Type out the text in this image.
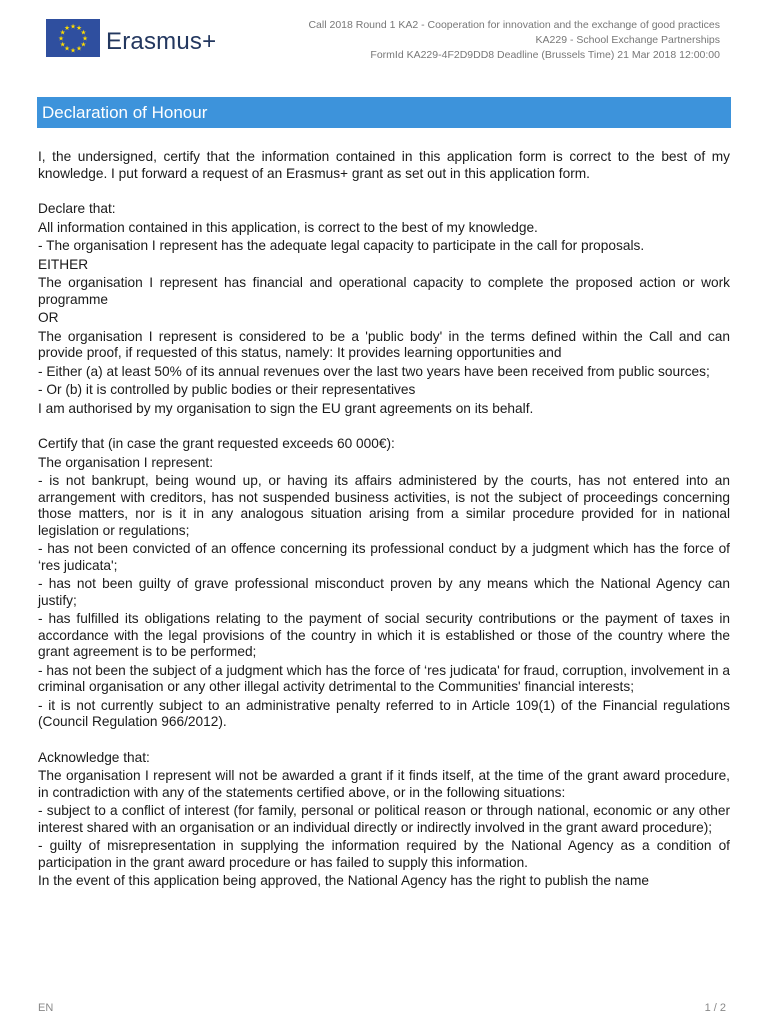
★ ★
★
★
★
★
★
★
★
★
★
★ Erasmus+
Call 2018 Round 1 KA2 - Cooperation for innovation and the exchange of good practices
KA229 - School Exchange Partnerships
FormId KA229-4F2D9DD8 Deadline (Brussels Time) 21 Mar 2018 12:00:00
Declaration of Honour

I, the undersigned, certify that the information contained in this application form is correct to the best of my knowledge. I put forward a request of an Erasmus+ grant as set out in this application form.

Declare that:

All information contained in this application, is correct to the best of my knowledge.

- The organisation I represent has the adequate legal capacity to participate in the call for proposals.

EITHER

The organisation I represent has financial and operational capacity to complete the proposed action or work programme

OR

The organisation I represent is considered to be a 'public body' in the terms defined within the Call and can provide proof, if requested of this status, namely: It provides learning opportunities and

- Either (a) at least 50% of its annual revenues over the last two years have been received from public sources;

- Or (b) it is controlled by public bodies or their representatives

I am authorised by my organisation to sign the EU grant agreements on its behalf.

Certify that (in case the grant requested exceeds 60 000€):

The organisation I represent:

- is not bankrupt, being wound up, or having its affairs administered by the courts, has not entered into an arrangement with creditors, has not suspended business activities, is not the subject of proceedings concerning those matters, nor is it in any analogous situation arising from a similar procedure provided for in national legislation or regulations;

- has not been convicted of an offence concerning its professional conduct by a judgment which has the force of ‘res judicata';

- has not been guilty of grave professional misconduct proven by any means which the National Agency can justify;

- has fulfilled its obligations relating to the payment of social security contributions or the payment of taxes in accordance with the legal provisions of the country in which it is established or those of the country where the grant agreement is to be performed;

- has not been the subject of a judgment which has the force of ‘res judicata' for fraud, corruption, involvement in a criminal organisation or any other illegal activity detrimental to the Communities' financial interests;

- it is not currently subject to an administrative penalty referred to in Article 109(1) of the Financial regulations (Council Regulation 966/2012).

Acknowledge that:

The organisation I represent will not be awarded a grant if it finds itself, at the time of the grant award procedure, in contradiction with any of the statements certified above, or in the following situations:

- subject to a conflict of interest (for family, personal or political reason or through national, economic or any other interest shared with an organisation or an individual directly or indirectly involved in the grant award procedure);

- guilty of misrepresentation in supplying the information required by the National Agency as a condition of participation in the grant award procedure or has failed to supply this information.

In the event of this application being approved, the National Agency has the right to publish the name

EN	1 / 2
